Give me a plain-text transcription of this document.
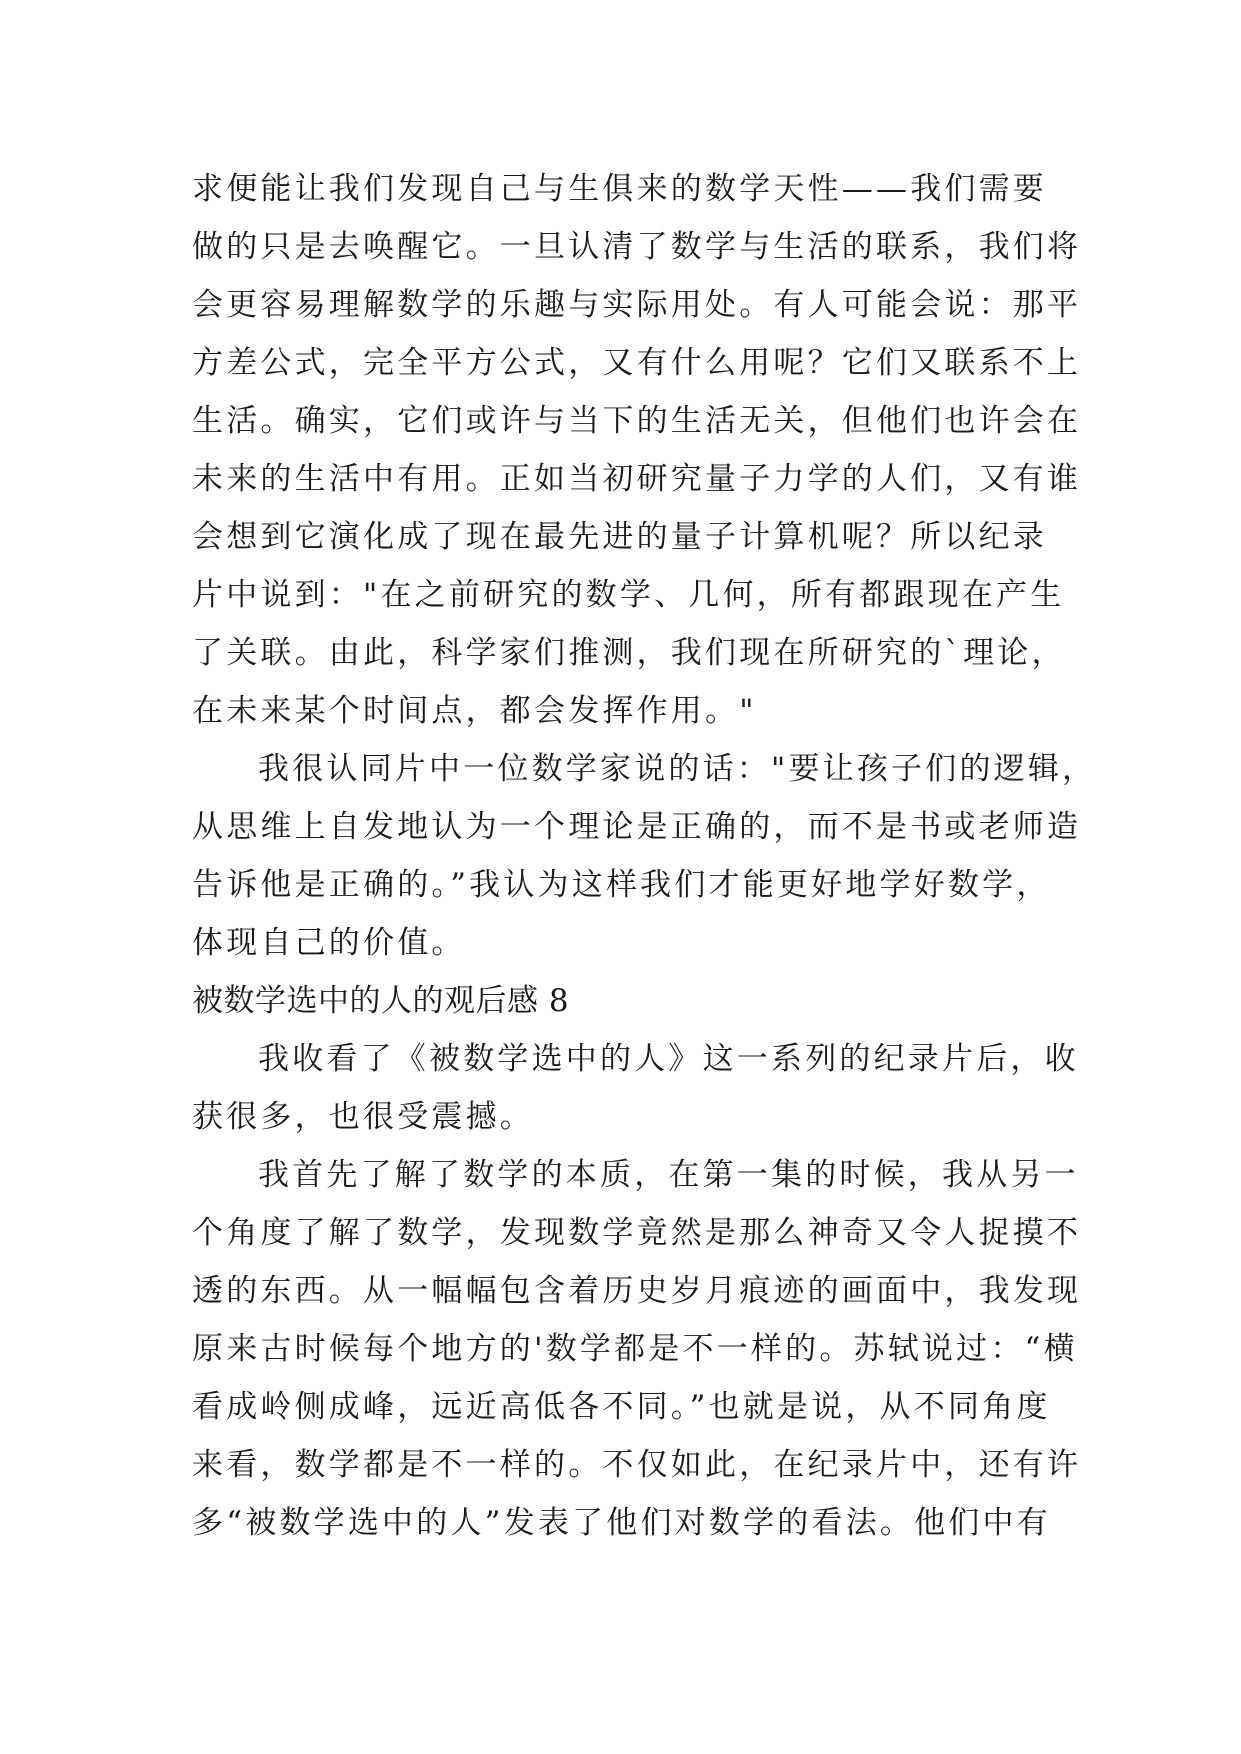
求便能让我们发现自己与生俱来的数学天性——我们需要
做的只是去唤醒它。一旦认清了数学与生活的联系，我们将
会更容易理解数学的乐趣与实际用处。有人可能会说：那平
方差公式，完全平方公式，又有什么用呢？它们又联系不上
生活。确实，它们或许与当下的生活无关，但他们也许会在
未来的生活中有用。正如当初研究量子力学的人们，又有谁
会想到它演化成了现在最先进的量子计算机呢？所以纪录
片中说到："在之前研究的数学、几何，所有都跟现在产生
了关联。由此，科学家们推测，我们现在所研究的`理论，
在未来某个时间点，都会发挥作用。"
我很认同片中一位数学家说的话："要让孩子们的逻辑，
从思维上自发地认为一个理论是正确的，而不是书或老师造
告诉他是正确的。”我认为这样我们才能更好地学好数学，
体现自己的价值。
被数学选中的人的观后感 8
我收看了《被数学选中的人》这一系列的纪录片后，收
获很多，也很受震撼。
我首先了解了数学的本质，在第一集的时候，我从另一
个角度了解了数学，发现数学竟然是那么神奇又令人捉摸不
透的东西。从一幅幅包含着历史岁月痕迹的画面中，我发现
原来古时候每个地方的'数学都是不一样的。苏轼说过：“横
看成岭侧成峰，远近高低各不同。”也就是说，从不同角度
来看，数学都是不一样的。不仅如此，在纪录片中，还有许
多“被数学选中的人”发表了他们对数学的看法。他们中有
